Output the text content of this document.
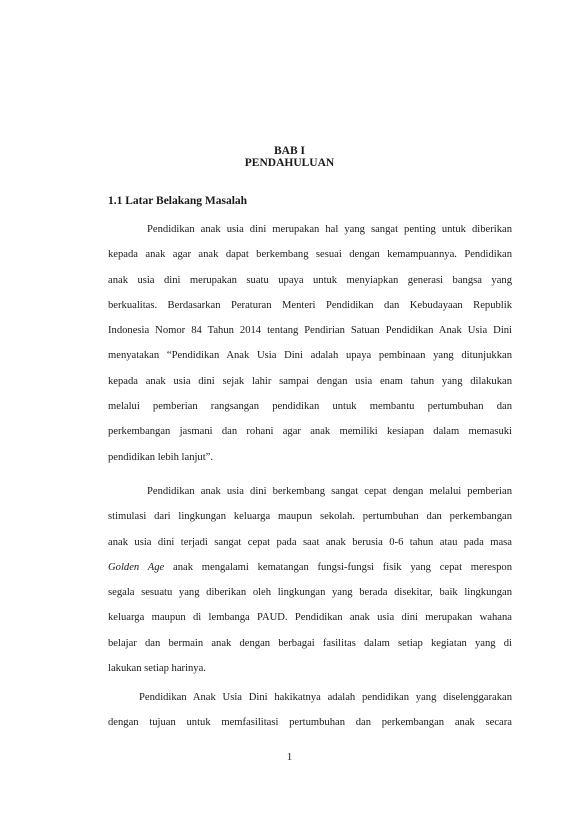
BAB I
PENDAHULUAN
1.1 Latar Belakang Masalah
Pendidikan anak usia dini merupakan hal yang sangat penting untuk diberikan
kepada anak agar anak dapat berkembang sesuai dengan kemampuannya. Pendidikan
anak usia dini merupakan suatu upaya untuk menyiapkan generasi bangsa yang
berkualitas. Berdasarkan Peraturan Menteri Pendidikan dan Kebudayaan Republik
Indonesia Nomor 84 Tahun 2014 tentang Pendirian Satuan Pendidikan Anak Usia Dini
menyatakan “Pendidikan Anak Usia Dini adalah upaya pembinaan yang ditunjukkan
kepada anak usia dini sejak lahir sampai dengan usia enam tahun yang dilakukan
melalui pemberian rangsangan pendidikan untuk membantu pertumbuhan dan
perkembangan jasmani dan rohani agar anak memiliki kesiapan dalam memasuki
pendidikan lebih lanjut”.
Pendidikan anak usia dini berkembang sangat cepat dengan melalui pemberian
stimulasi dari lingkungan keluarga maupun sekolah. pertumbuhan dan perkembangan
anak usia dini terjadi sangat cepat pada saat anak berusia 0-6 tahun atau pada masa
Golden Age anak mengalami kematangan fungsi-fungsi fisik yang cepat merespon
segala sesuatu yang diberikan oleh lingkungan yang berada disekitar, baik lingkungan
keluarga maupun di lembanga PAUD. Pendidikan anak usia dini merupakan wahana
belajar dan bermain anak dengan berbagai fasilitas dalam setiap kegiatan yang di
lakukan setiap harinya.
Pendidikan Anak Usia Dini hakikatnya adalah pendidikan yang diselenggarakan
dengan tujuan untuk memfasilitasi pertumbuhan dan perkembangan anak secara
1
